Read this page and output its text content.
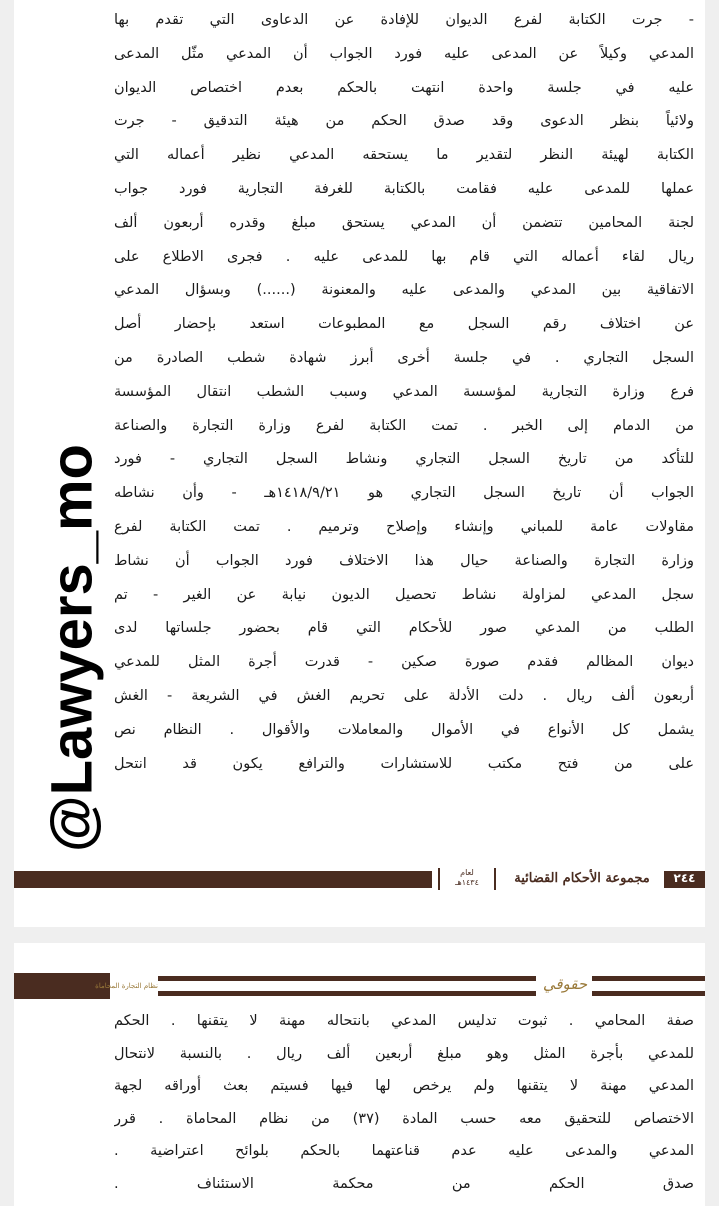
- جرت الكتابة لفرع الديوان للإفادة عن الدعاوى التي تقدم بها
المدعي وكيلاً عن المدعى عليه فورد الجواب أن المدعي مثّل المدعى
عليه في جلسة واحدة انتهت بالحكم بعدم اختصاص الديوان
ولائياً بنظر الدعوى وقد صدق الحكم من هيئة التدقيق - جرت
الكتابة لهيئة النظر لتقدير ما يستحقه المدعي نظير أعماله التي
عملها للمدعى عليه فقامت بالكتابة للغرفة التجارية فورد جواب
لجنة المحامين تتضمن أن المدعي يستحق مبلغ وقدره أربعون ألف
ريال لقاء أعماله التي قام بها للمدعى عليه . فجرى الاطلاع على
الاتفاقية بين المدعي والمدعى عليه والمعنونة (......) وبسؤال المدعي
عن اختلاف رقم السجل مع المطبوعات استعد بإحضار أصل
السجل التجاري . في جلسة أخرى أبرز شهادة شطب الصادرة من
فرع وزارة التجارية لمؤسسة المدعي وسبب الشطب انتقال المؤسسة
من الدمام إلى الخبر . تمت الكتابة لفرع وزارة التجارة والصناعة
للتأكد من تاريخ السجل التجاري ونشاط السجل التجاري - فورد
الجواب أن تاريخ السجل التجاري هو ١٤١٨/٩/٢١هـ - وأن نشاطه
مقاولات عامة للمباني وإنشاء وإصلاح وترميم . تمت الكتابة لفرع
وزارة التجارة والصناعة حيال هذا الاختلاف فورد الجواب أن نشاط
سجل المدعي لمزاولة نشاط تحصيل الديون نيابة عن الغير - تم
الطلب من المدعي صور للأحكام التي قام بحضور جلساتها لدى
ديوان المظالم فقدم صورة صكين - قدرت أجرة المثل للمدعي
أربعون ألف ريال . دلت الأدلة على تحريم الغش في الشريعة - الغش
يشمل كل الأنواع في الأموال والمعاملات والأقوال . النظام نص
على من فتح مكتب للاستشارات والترافع يكون قد انتحل
@Lawyers_mo
لعام
١٤٣٤هـ	مجموعة الأحكام القضائية	٢٤٤
نظام التجارة المحاماة	حقوقي
صفة المحامي . ثبوت تدليس المدعي بانتحاله مهنة لا يتقنها . الحكم
للمدعي بأجرة المثل وهو مبلغ أربعين ألف ريال . بالنسبة لانتحال
المدعي مهنة لا يتقنها ولم يرخص لها فيها فسيتم بعث أوراقه لجهة
الاختصاص للتحقيق معه حسب المادة (٣٧) من نظام المحاماة . قرر
المدعي والمدعى عليه عدم قناعتهما بالحكم بلوائح اعتراضية .
صدق الحكم من محكمة الاستئناف .
